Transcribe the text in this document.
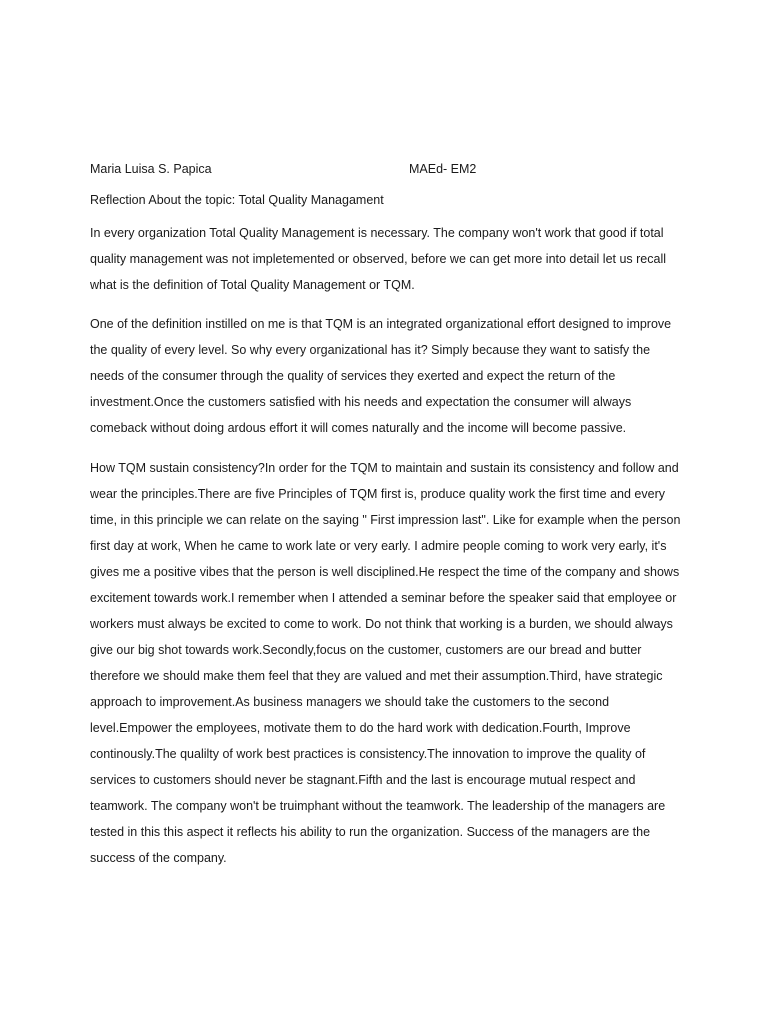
Maria Luisa S. Papica	MAEd- EM2
Reflection About the topic: Total Quality Managament

In every organization Total Quality Management is necessary. The company won't work that good if total quality management was not impletemented or observed, before we can get more into detail let us recall what is the definition of Total Quality Management or TQM.

One of the definition instilled on me is that TQM is an integrated organizational effort designed to improve the quality of every level. So why every organizational has it? Simply because they want to satisfy the needs of the consumer through the quality of services they exerted and expect the return of the investment.Once the customers satisfied with his needs and expectation the consumer will always comeback without doing ardous effort it will comes naturally and the income will become passive.

How TQM sustain consistency?In order for the TQM to maintain and sustain its consistency and follow and wear the principles.There are five Principles of TQM first is, produce quality work the first time and every time, in this principle we can relate on the saying " First impression last". Like for example when the person first day at work, When he came to work late or very early. I admire people coming to work very early, it's gives me a positive vibes that the person is well disciplined.He respect the time of the company and shows excitement towards work.I remember when I attended a seminar before the speaker said that employee or workers must always be excited to come to work. Do not think that working is a burden, we should always give our big shot towards work.Secondly,focus on the customer, customers are our bread and butter therefore we should make them feel that they are valued and met their assumption.Third, have strategic approach to improvement.As business managers we should take the customers to the second level.Empower the employees, motivate them to do the hard work with dedication.Fourth, Improve continously.The qualilty of work best practices is consistency.The innovation to improve the quality of services to customers should never be stagnant.Fifth and the last is encourage mutual respect and teamwork. The company won't be truimphant without the teamwork. The leadership of the managers are tested in this this aspect it reflects his ability to run the organization. Success of the managers are the success of the company.
